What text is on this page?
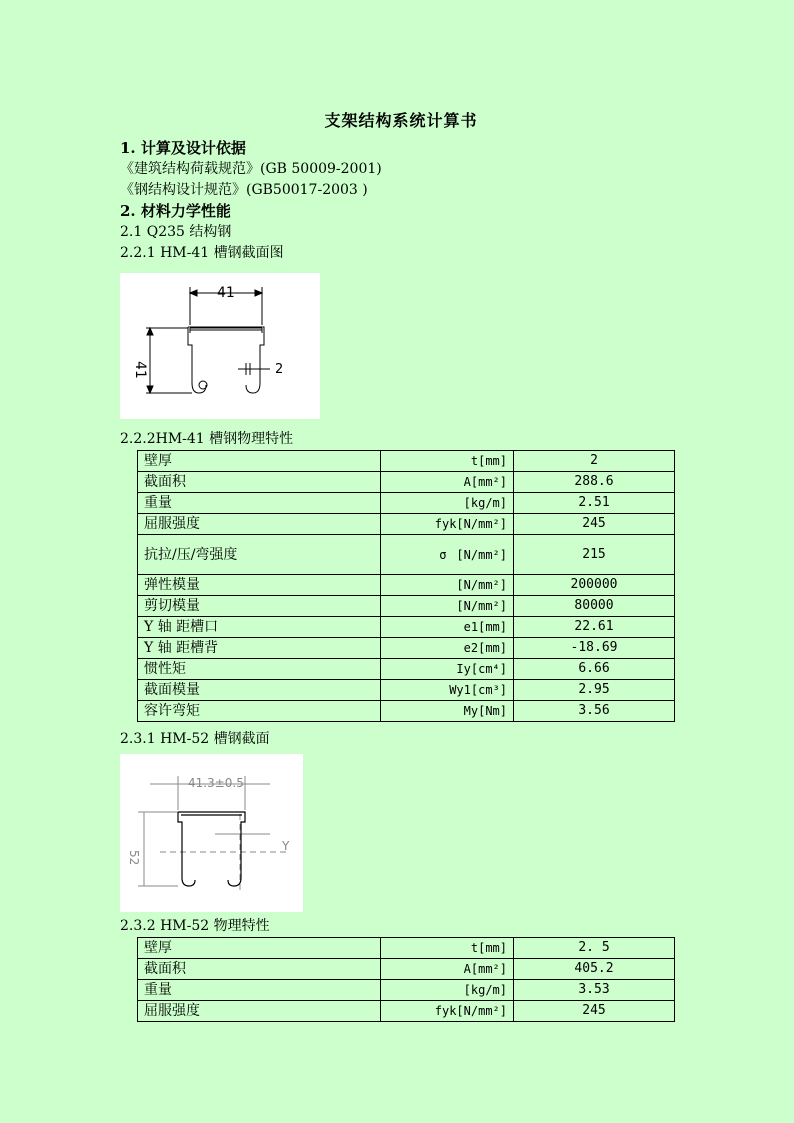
支架结构系统计算书
1. 计算及设计依据
《建筑结构荷载规范》(GB 50009-2001)
《钢结构设计规范》(GB50017-2003 )
2. 材料力学性能
2.1 Q235 结构钢
2.2.1 HM-41 槽钢截面图
41
41	2
2.2.2HM-41 槽钢物理特性
壁厚	t[mm]	2
截面积	A[mm²]	288.6
重量	[kg/m]	2.51
屈服强度	fyk[N/mm²]	245
抗拉/压/弯强度	σ [N/mm²]	215
弹性模量	[N/mm²]	200000
剪切模量	[N/mm²]	80000
Y 轴 距槽口	e1[mm]	22.61
Y 轴 距槽背	e2[mm]	-18.69
惯性矩	Iy[cm⁴]	6.66
截面模量	Wy1[cm³]	2.95
容许弯矩	My[Nm]	3.56
2.3.1 HM-52 槽钢截面
41.3±0.5
52
Y
2.3.2 HM-52 物理特性
壁厚	t[mm]	2. 5
截面积	A[mm²]	405.2
重量	[kg/m]	3.53
屈服强度	fyk[N/mm²]	245
